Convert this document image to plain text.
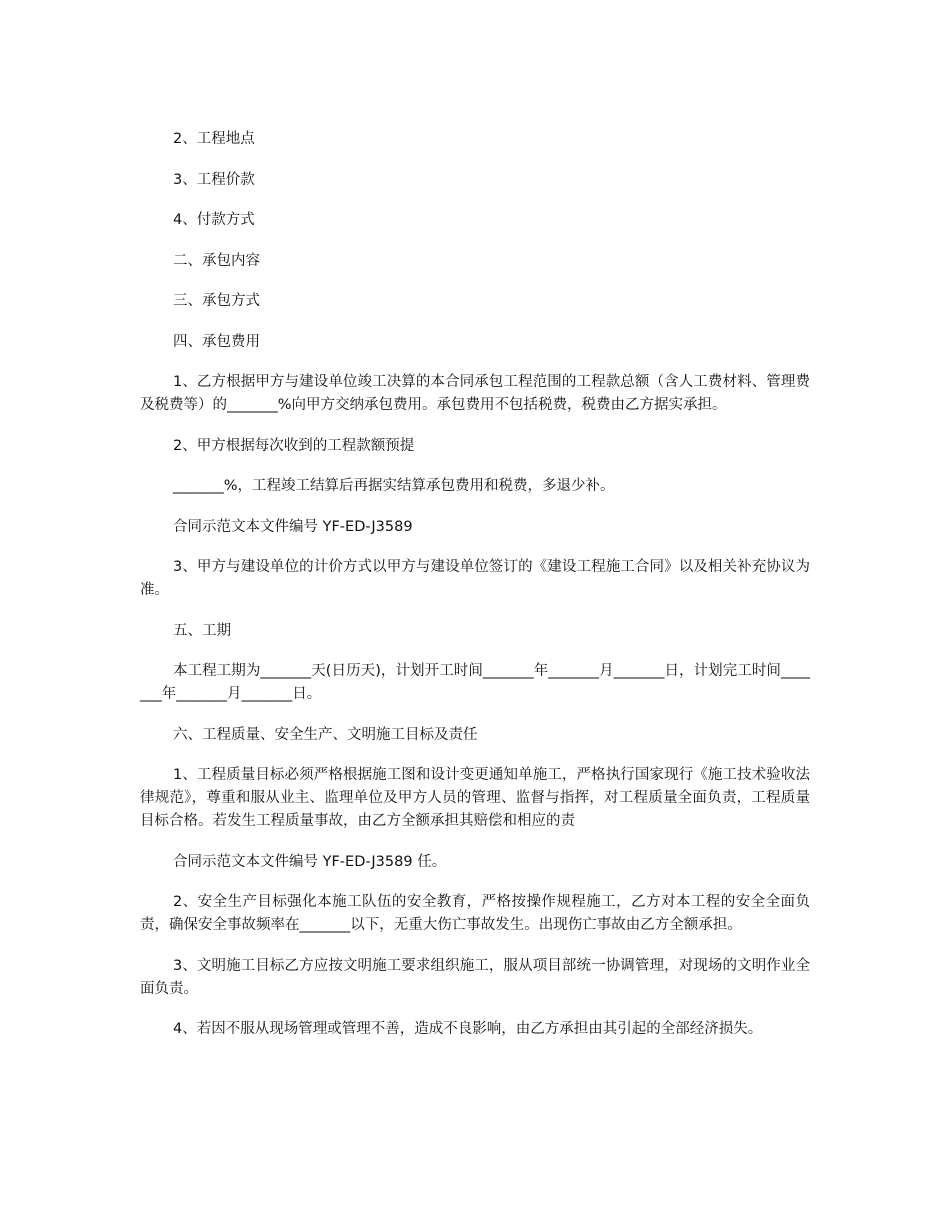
2、工程地点

3、工程价款

4、付款方式

二、承包内容

三、承包方式

四、承包费用

1、乙方根据甲方与建设单位竣工决算的本合同承包工程范围的工程款总额（含人工费材料、管理费及税费等）的_______%向甲方交纳承包费用。承包费用不包括税费，税费由乙方据实承担。

2、甲方根据每次收到的工程款额预提

_______%，工程竣工结算后再据实结算承包费用和税费，多退少补。

合同示范文本文件编号 YF-ED-J3589

3、甲方与建设单位的计价方式以甲方与建设单位签订的《建设工程施工合同》以及相关补充协议为准。

五、工期

本工程工期为_______天(日历天)，计划开工时间_______年_______月_______日，计划完工时间_______年_______月_______日。

六、工程质量、安全生产、文明施工目标及责任

1、工程质量目标必须严格根据施工图和设计变更通知单施工，严格执行国家现行《施工技术验收法律规范》，尊重和服从业主、监理单位及甲方人员的管理、监督与指挥，对工程质量全面负责，工程质量目标合格。若发生工程质量事故，由乙方全额承担其赔偿和相应的责

合同示范文本文件编号 YF-ED-J3589 任。

2、安全生产目标强化本施工队伍的安全教育，严格按操作规程施工，乙方对本工程的安全全面负责，确保安全事故频率在_______以下，无重大伤亡事故发生。出现伤亡事故由乙方全额承担。

3、文明施工目标乙方应按文明施工要求组织施工，服从项目部统一协调管理，对现场的文明作业全面负责。

4、若因不服从现场管理或管理不善，造成不良影响，由乙方承担由其引起的全部经济损失。
